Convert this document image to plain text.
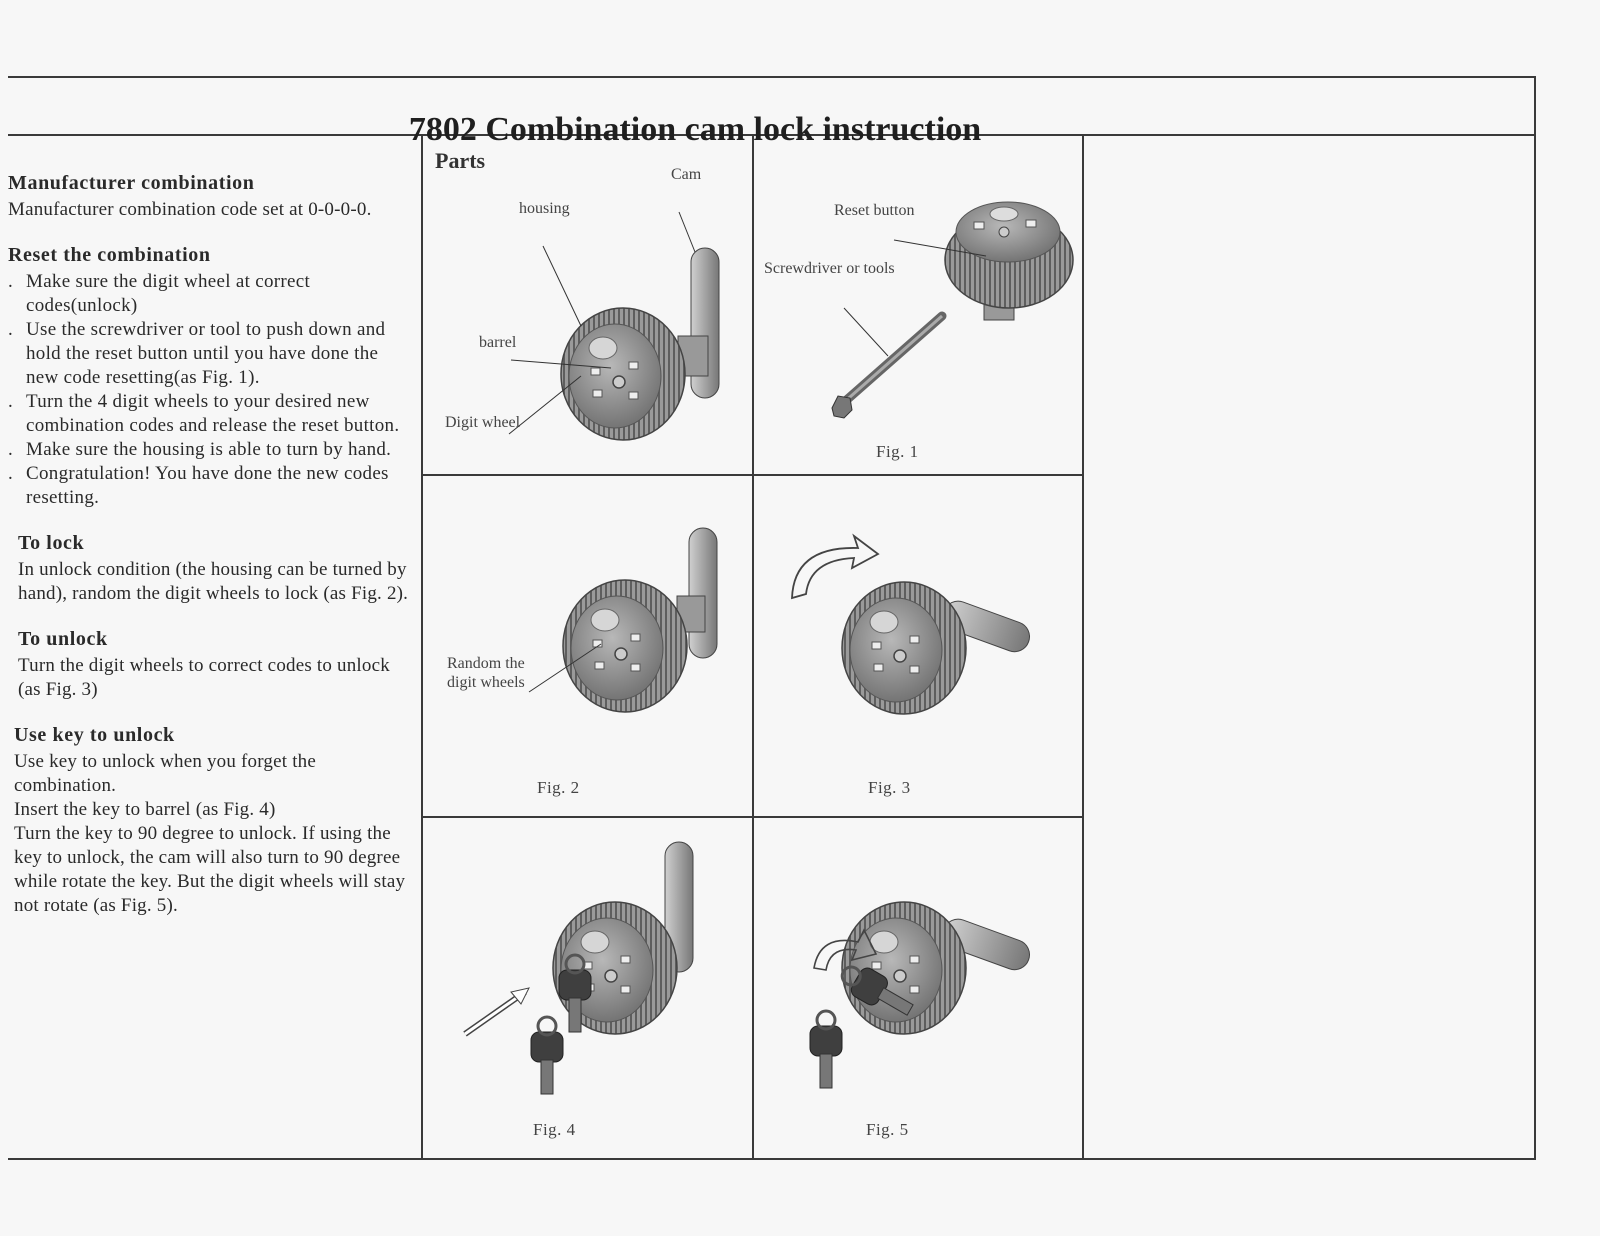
7802 Combination cam lock instruction

Manufacturer combination

Manufacturer combination code set at 0-0-0-0.

Reset the combination

. Make sure the digit wheel at correct codes(unlock)
. Use the screwdriver or tool to push down and hold the reset button until you have done the new code resetting(as Fig. 1).
. Turn the 4 digit wheels to your desired new combination codes and release the reset button.
. Make sure the housing is able to turn by hand.
. Congratulation! You have done the new codes resetting.

To lock

In unlock condition (the housing can be turned by hand), random the digit wheels to lock (as Fig. 2).

To unlock

Turn the digit wheels to correct codes to unlock (as Fig. 3)

Use key to unlock

Use key to unlock when you forget the combination.

Insert the key to barrel (as Fig. 4)

Turn the key to 90 degree to unlock. If using the key to unlock, the cam will also turn to 90 degree while rotate the key. But the digit wheels will stay not rotate (as Fig. 5).

Parts
Cam
housing
barrel
Digit wheel
Reset button
Screwdriver or tools
Fig. 1
Random the digit wheels
Fig. 2	Fig. 3
Fig. 4	Fig. 5
